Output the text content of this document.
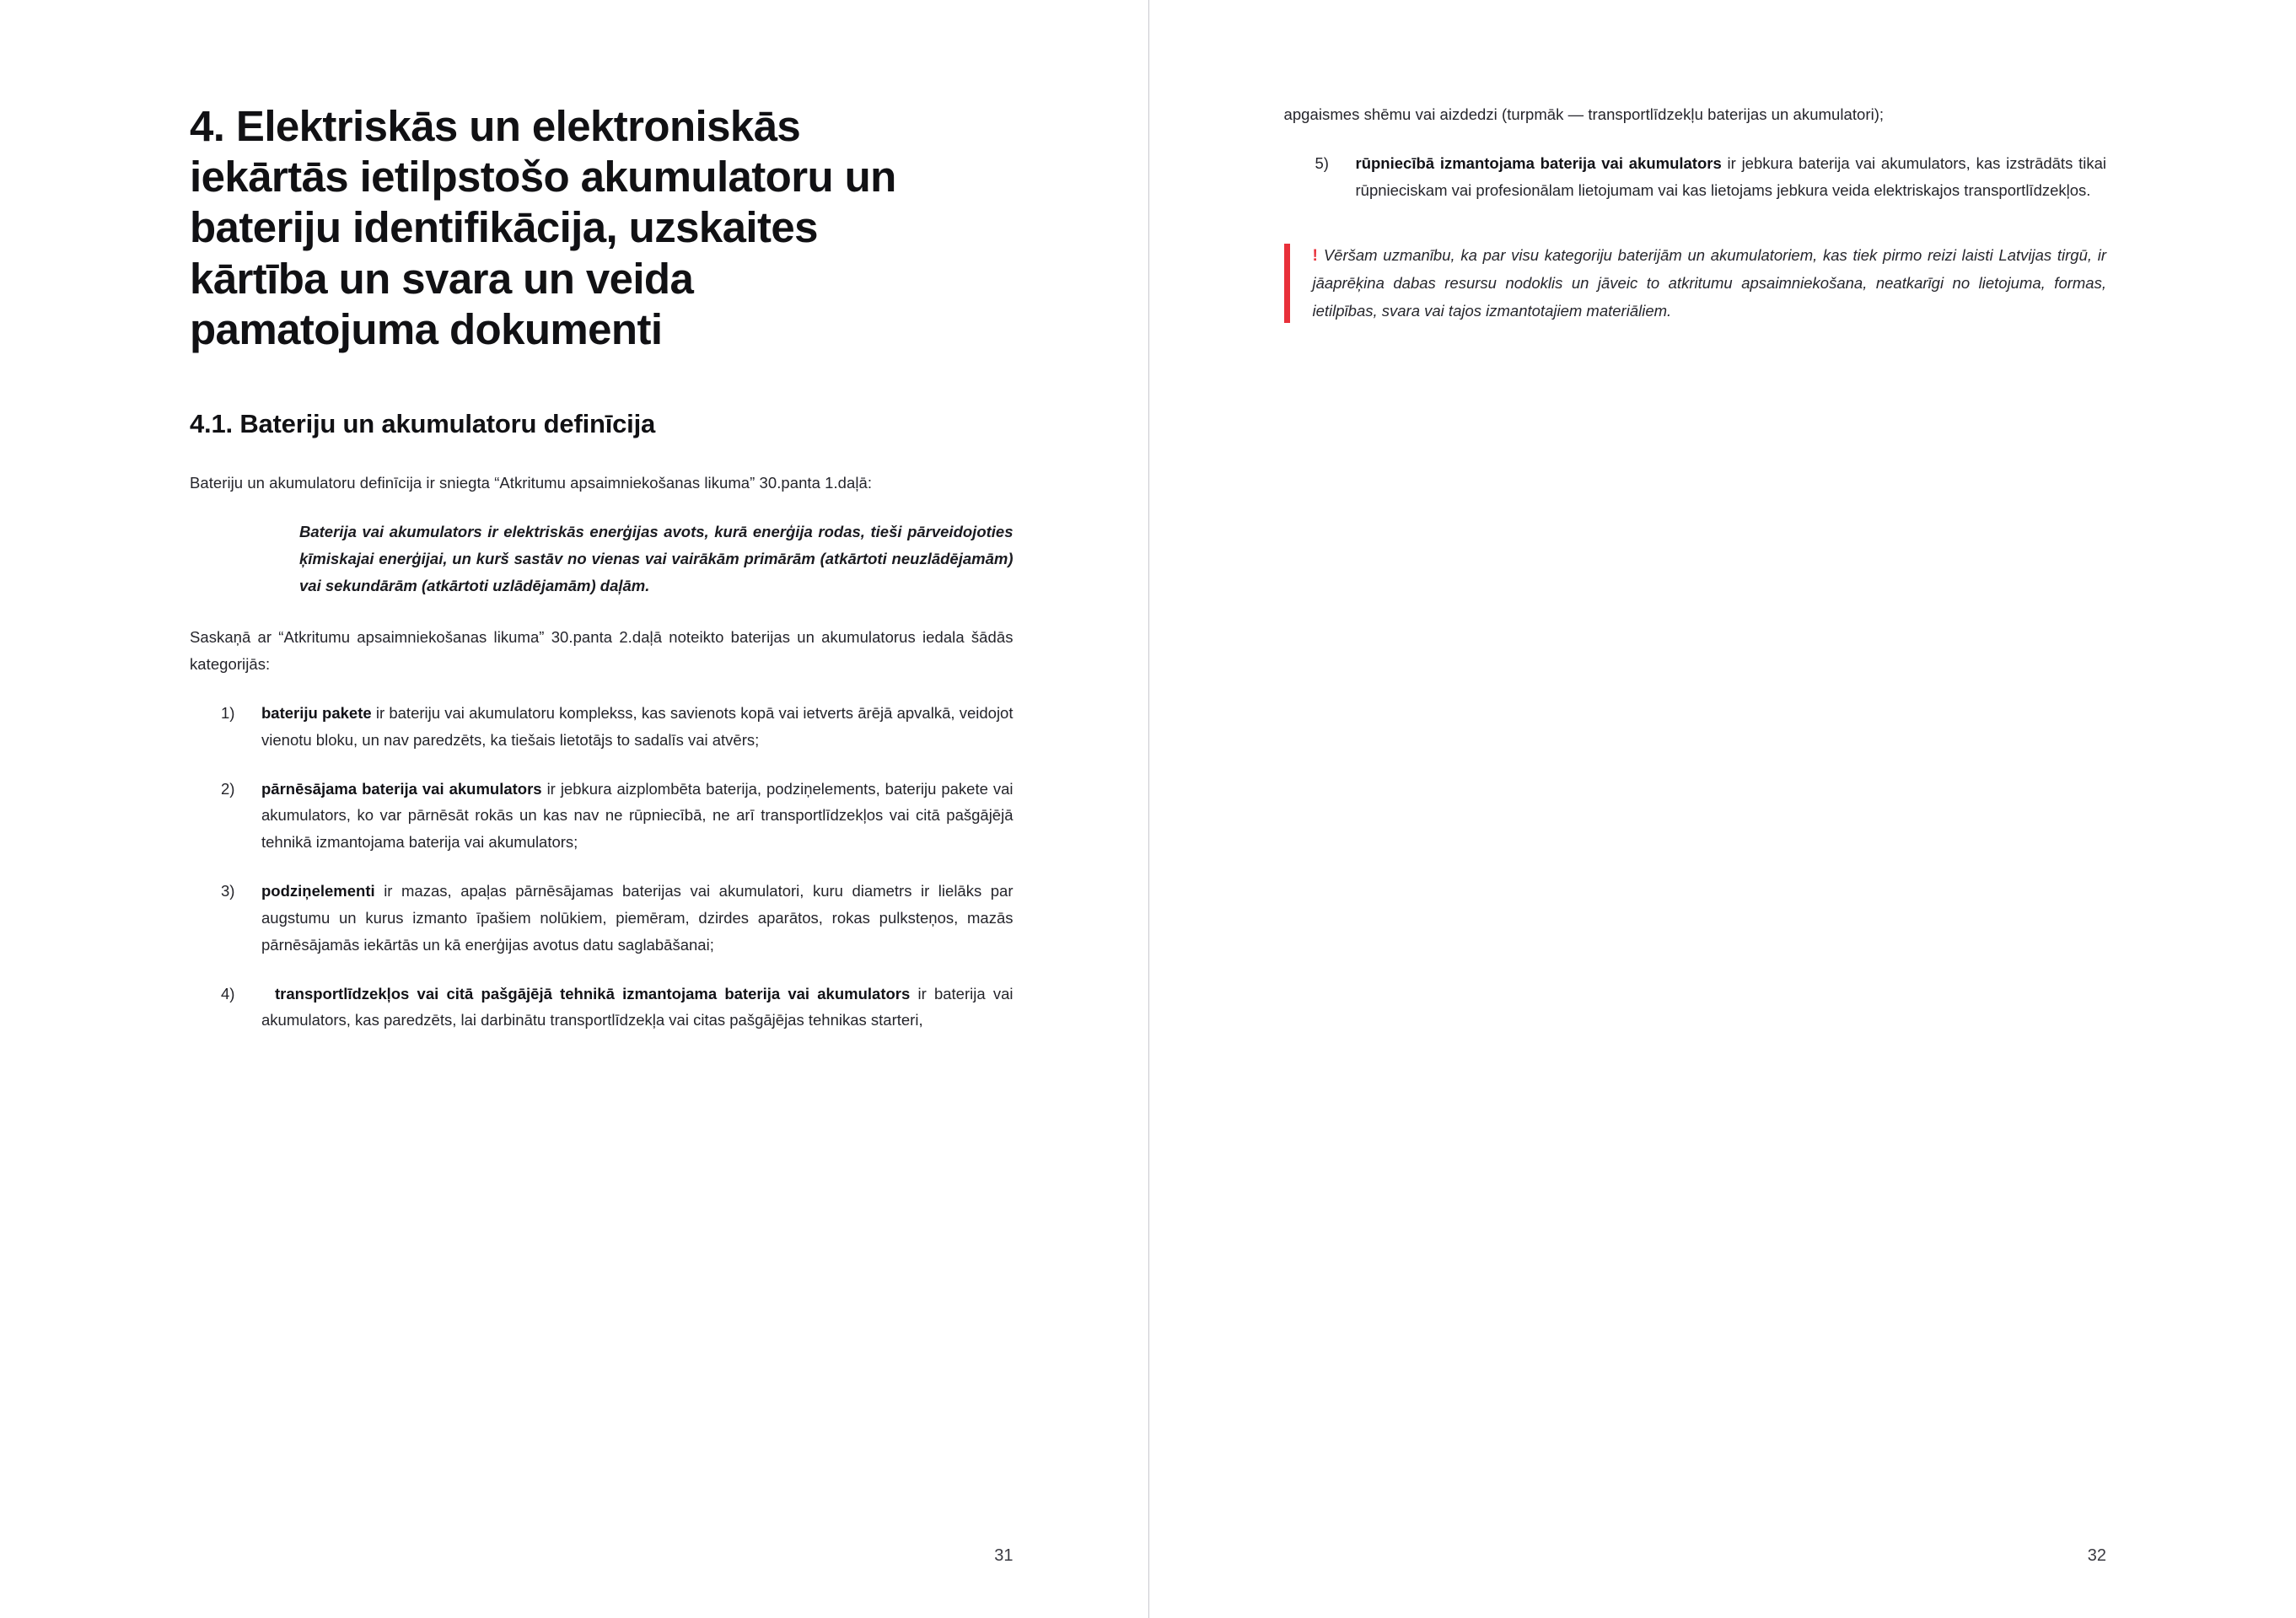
4. Elektriskās un elektroniskās iekārtās ietilpstošo akumulatoru un bateriju identifikācija, uzskaites kārtība un svara un veida pamatojuma dokumenti
4.1. Bateriju un akumulatoru definīcija

Bateriju un akumulatoru definīcija ir sniegta “Atkritumu apsaimniekošanas likuma” 30.panta 1.daļā:

Baterija vai akumulators ir elektriskās enerģijas avots, kurā enerģija rodas, tieši pārveidojoties ķīmiskajai enerģijai, un kurš sastāv no vienas vai vairākām primārām (atkārtoti neuzlādējamām) vai sekundārām (atkārtoti uzlādējamām) daļām.

Saskaņā ar “Atkritumu apsaimniekošanas likuma” 30.panta 2.daļā noteikto baterijas un akumulatorus iedala šādās kategorijās:

1)	bateriju pakete ir bateriju vai akumulatoru komplekss, kas savienots kopā vai ietverts ārējā apvalkā, veidojot vienotu bloku, un nav paredzēts, ka tiešais lietotājs to sadalīs vai atvērs;
2)	pārnēsājama baterija vai akumulators ir jebkura aizplombēta baterija, podziņelements, bateriju pakete vai akumulators, ko var pārnēsāt rokās un kas nav ne rūpniecībā, ne arī transportlīdzekļos vai citā pašgājējā tehnikā izmantojama baterija vai akumulators;
3)	podziņelementi ir mazas, apaļas pārnēsājamas baterijas vai akumulatori, kuru diametrs ir lielāks par augstumu un kurus izmanto īpašiem nolūkiem, piemēram, dzirdes aparātos, rokas pulksteņos, mazās pārnēsājamās iekārtās un kā enerģijas avotus datu saglabāšanai;
4)	transportlīdzekļos vai citā pašgājējā tehnikā izmantojama baterija vai akumulators ir baterija vai akumulators, kas paredzēts, lai darbinātu transportlīdzekļa vai citas pašgājējas tehnikas starteri,
31

apgaismes shēmu vai aizdedzi (turpmāk — transportlīdzekļu baterijas un akumulatori);

5)	rūpniecībā izmantojama baterija vai akumulators ir jebkura baterija vai akumulators, kas izstrādāts tikai rūpnieciskam vai profesionālam lietojumam vai kas lietojams jebkura veida elektriskajos transportlīdzekļos.

! Vēršam uzmanību, ka par visu kategoriju baterijām un akumulatoriem, kas tiek pirmo reizi laisti Latvijas tirgū, ir jāaprēķina dabas resursu nodoklis un jāveic to atkritumu apsaimniekošana, neatkarīgi no lietojuma, formas, ietilpības, svara vai tajos izmantotajiem materiāliem.

32
